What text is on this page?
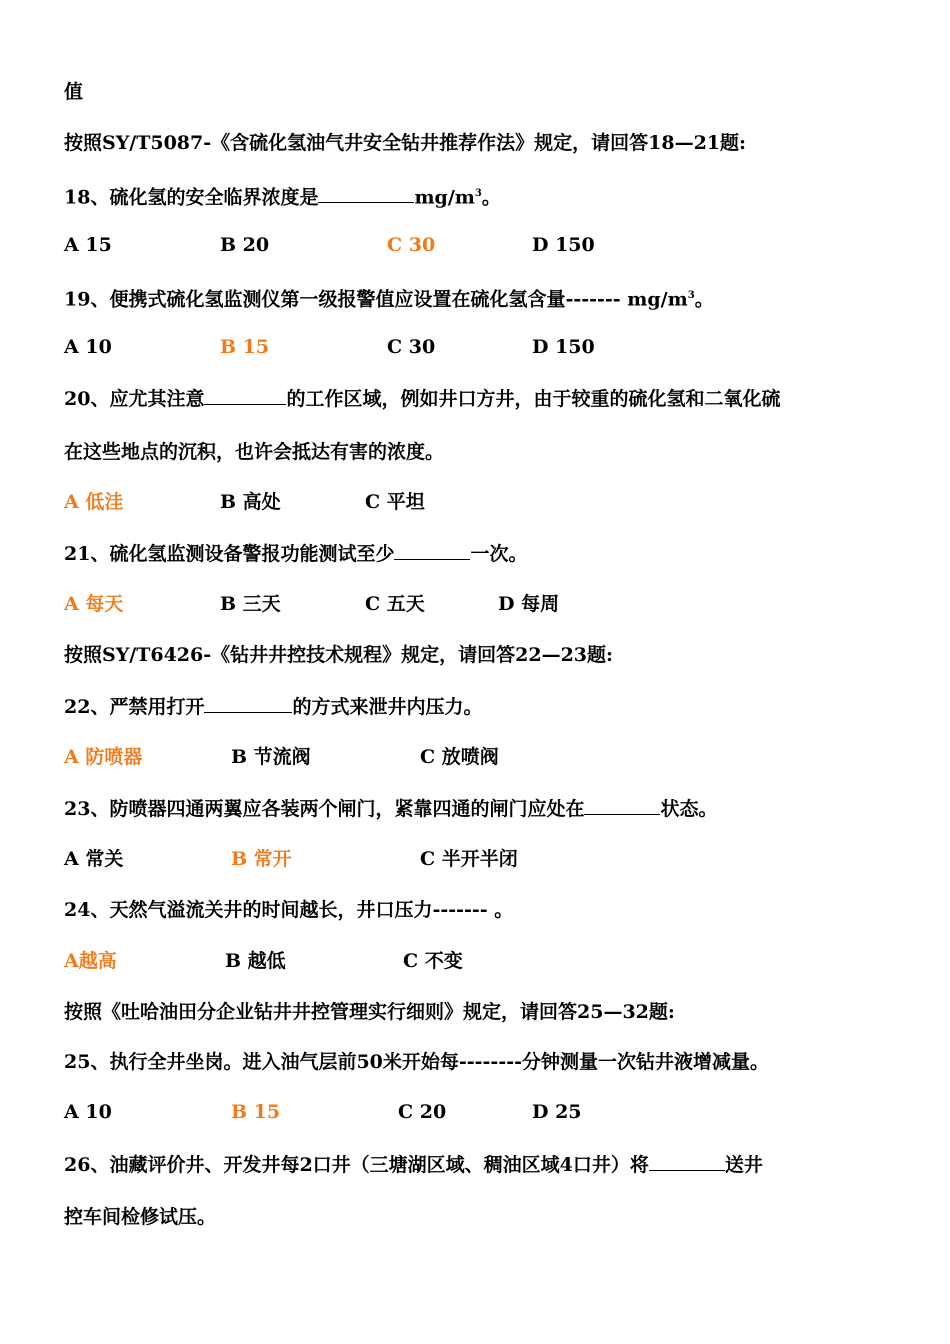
值
按照SY/T5087-《含硫化氢油气井安全钻井推荐作法》规定，请回答18—21题:
18、硫化氢的安全临界浓度是	$mg/m^3$。
A 15	B 20	C 30	D 150
19、便携式硫化氢监测仪第一级报警值应设置在硫化氢含量------- $mg/m^3$。
A 10	B 15	C 30	D 150
20、应尤其注意	的工作区域，例如井口方井，由于较重的硫化氢和二氧化硫
在这些地点的沉积，也许会抵达有害的浓度。
A 低洼	B 高处	C 平坦
21、硫化氢监测设备警报功能测试至少	一次。
A 每天	B 三天	C 五天	D 每周
按照SY/T6426-《钻井井控技术规程》规定，请回答22—23题:
22、严禁用打开	的方式来泄井内压力。
A 防喷器	B 节流阀	C 放喷阀
23、防喷器四通两翼应各装两个闸门，紧靠四通的闸门应处在	状态。
A 常关	B 常开	C 半开半闭
24、天然气溢流关井的时间越长，井口压力------- 。
A越高	B 越低	C 不变
按照《吐哈油田分企业钻井井控管理实行细则》规定，请回答25—32题:
25、执行全井坐岗。进入油气层前50米开始每--------分钟测量一次钻井液增减量。
A 10	B 15	C 20	D 25
26、油藏评价井、开发井每2口井（三塘湖区域、稠油区域4口井）将	送井
控车间检修试压。
